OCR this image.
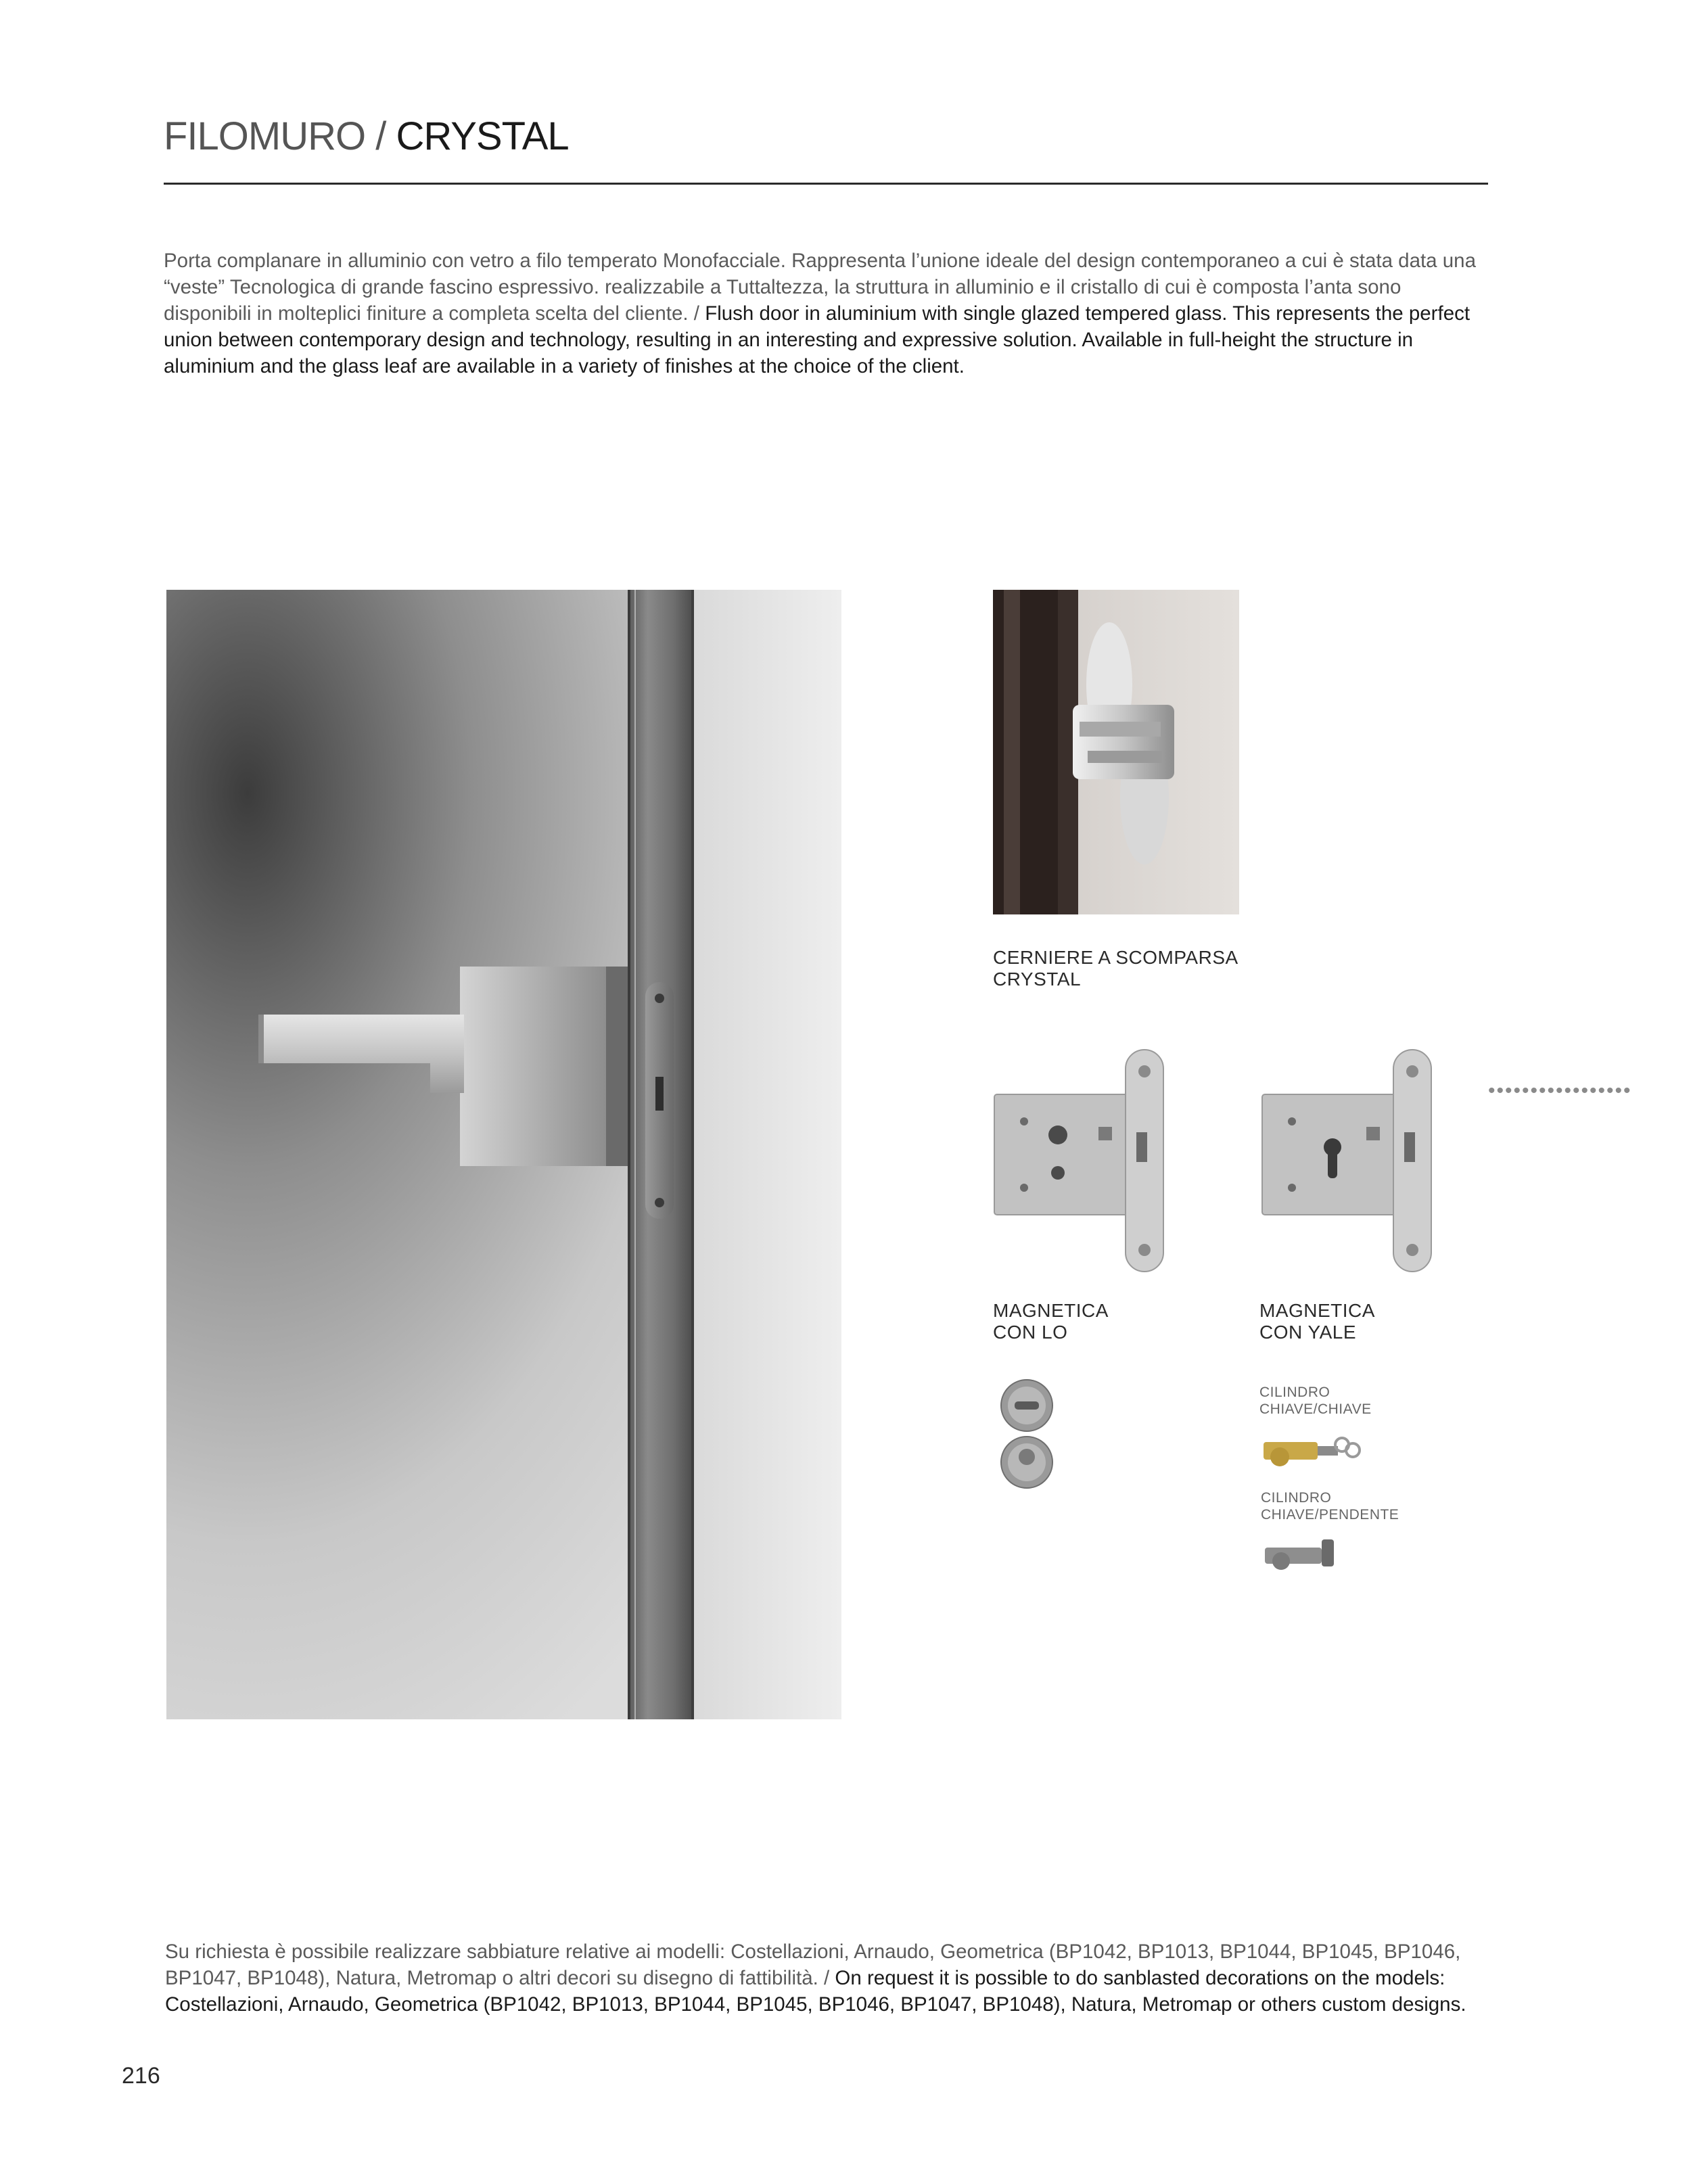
FILOMURO / CRYSTAL
Porta complanare in alluminio con vetro a filo temperato Monofacciale. Rappresenta l’unione ideale del design contemporaneo a cui è stata data una “veste” Tecnologica di grande fascino espressivo. realizzabile a Tuttaltezza, la struttura in alluminio e il cristallo di cui è composta l’anta sono disponibili in molteplici finiture a completa scelta del cliente. / Flush door in aluminium with single glazed tempered glass. This represents the perfect union between contemporary design and technology, resulting in an interesting and expressive solution. Available in full-height the structure in aluminium and the glass leaf are available in a variety of finishes at the choice of the client.
CERNIERE A SCOMPARSA
CRYSTAL
•••••••••••••••••
MAGNETICA
CON LO
MAGNETICA
CON YALE
CILINDRO
CHIAVE/CHIAVE
CILINDRO
CHIAVE/PENDENTE
Su richiesta è possibile realizzare sabbiature relative ai modelli: Costellazioni, Arnaudo, Geometrica (BP1042, BP1013, BP1044, BP1045, BP1046, BP1047, BP1048), Natura, Metromap o altri decori su disegno di fattibilità. / On request it is possible to do sanblasted decorations on the models: Costellazioni, Arnaudo, Geometrica (BP1042, BP1013, BP1044, BP1045, BP1046, BP1047, BP1048), Natura, Metromap or others custom designs.
216
